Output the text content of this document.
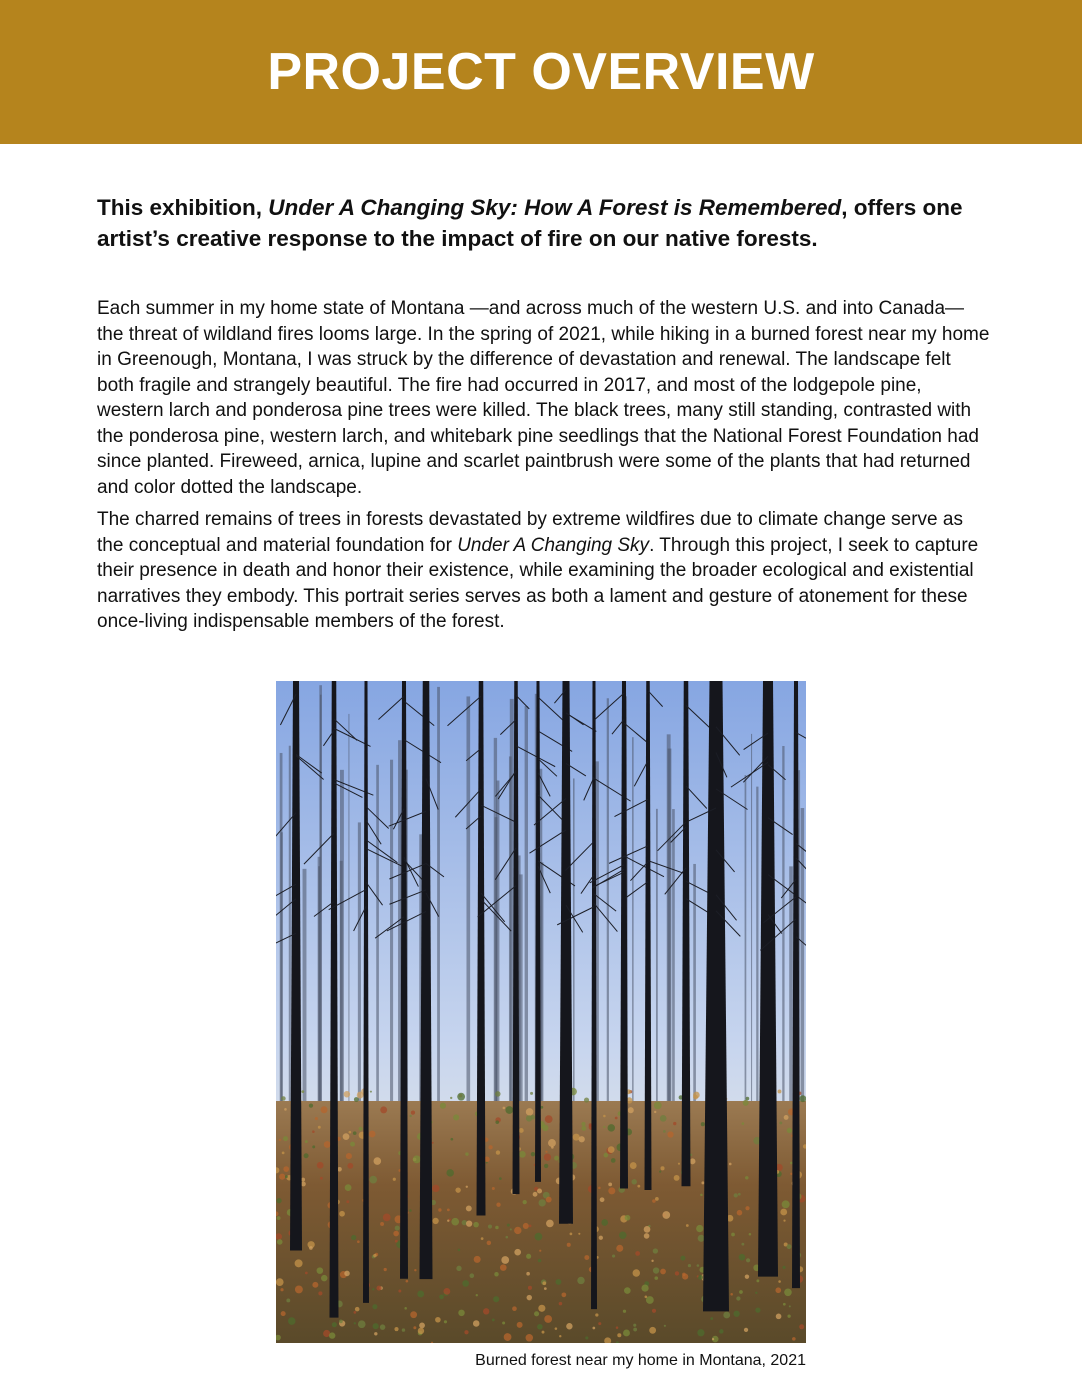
PROJECT OVERVIEW

This exhibition, Under A Changing Sky: How A Forest is Remembered, offers one artist’s creative response to the impact of fire on our native forests.

Each summer in my home state of Montana —and across much of the western U.S. and into Canada— the threat of wildland fires looms large. In the spring of 2021, while hiking in a burned forest near my home in Greenough, Montana, I was struck by the difference of devastation and renewal. The landscape felt both fragile and strangely beautiful. The fire had occurred in 2017, and most of the lodgepole pine, western larch and ponderosa pine trees were killed. The black trees, many still standing, contrasted with the ponderosa pine, western larch, and whitebark pine seedlings that the National Forest Foundation had since planted. Fireweed, arnica, lupine and scarlet paintbrush were some of the plants that had returned and color dotted the landscape.

The charred remains of trees in forests devastated by extreme wildfires due to climate change serve as the conceptual and material foundation for Under A Changing Sky. Through this project, I seek to capture their presence in death and honor their existence, while examining the broader ecological and existential narratives they embody. This portrait series serves as both a lament and gesture of atonement for these once-living indispensable members of the forest.

Burned forest near my home in Montana, 2021
